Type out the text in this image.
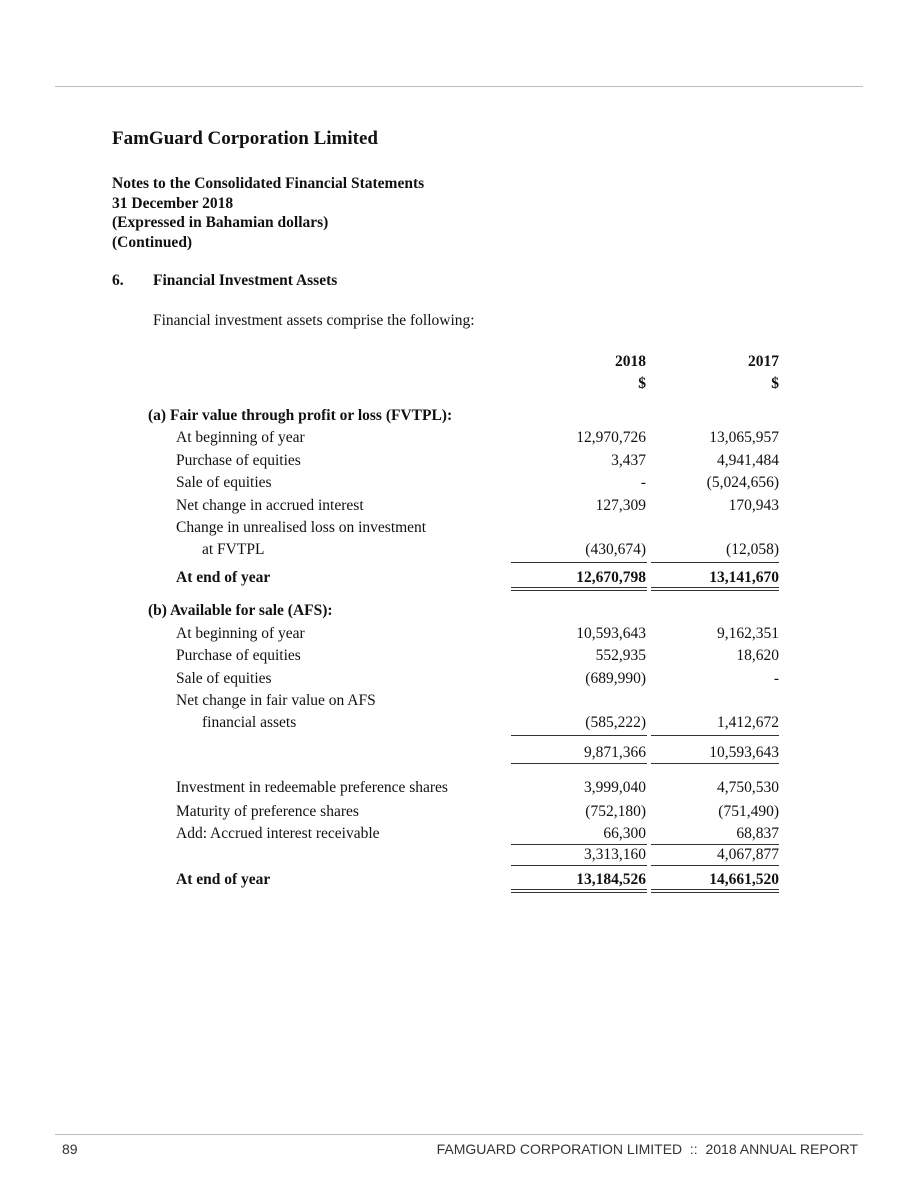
FamGuard Corporation Limited
Notes to the Consolidated Financial Statements
31 December 2018
(Expressed in Bahamian dollars)
(Continued)
6. Financial Investment Assets
Financial investment assets comprise the following:
2018	2017
$	$
(a) Fair value through profit or loss (FVTPL):
At beginning of year	12,970,726	13,065,957
Purchase of equities	3,437	4,941,484
Sale of equities	-	(5,024,656)
Net change in accrued interest	127,309	170,943
Change in unrealised loss on investment
at FVTPL	(430,674)	(12,058)
At end of year	12,670,798	13,141,670
(b) Available for sale (AFS):
At beginning of year	10,593,643	9,162,351
Purchase of equities	552,935	18,620
Sale of equities	(689,990)	-
Net change in fair value on AFS
financial assets	(585,222)	1,412,672
9,871,366	10,593,643
Investment in redeemable preference shares	3,999,040	4,750,530
Maturity of preference shares	(752,180)	(751,490)
Add: Accrued interest receivable	66,300	68,837
3,313,160	4,067,877
At end of year	13,184,526	14,661,520
89	FAMGUARD CORPORATION LIMITED  ::  2018 ANNUAL REPORT
